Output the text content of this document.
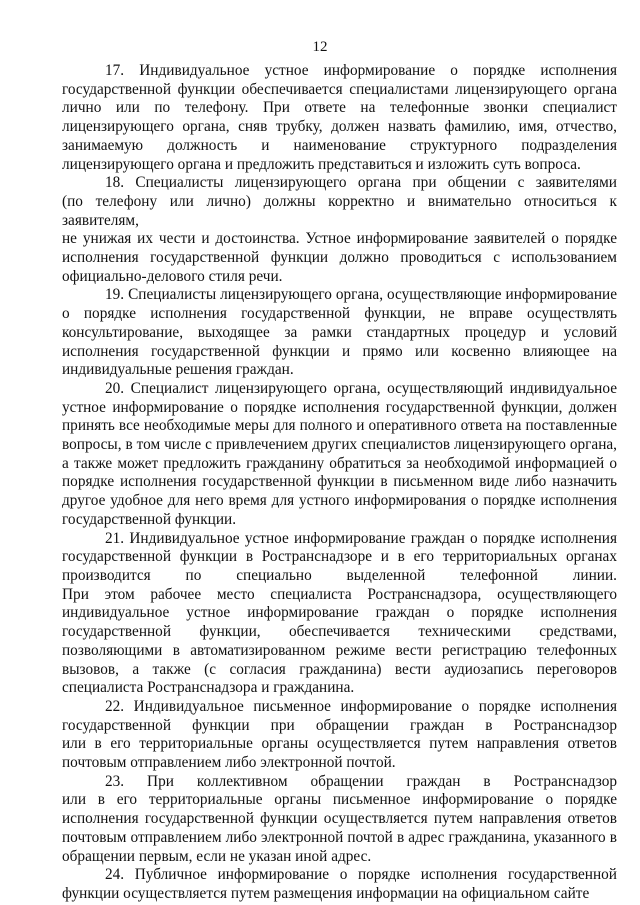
12
17. Индивидуальное устное информирование о порядке исполнения
государственной функции обеспечивается специалистами лицензирующего органа
лично или по телефону. При ответе на телефонные звонки специалист
лицензирующего органа, сняв трубку, должен назвать фамилию, имя, отчество,
занимаемую должность и наименование структурного подразделения
лицензирующего органа и предложить представиться и изложить суть вопроса.
18. Специалисты лицензирующего органа при общении с заявителями
(по телефону или лично) должны корректно и внимательно относиться к заявителям,
не унижая их чести и достоинства. Устное информирование заявителей о порядке
исполнения государственной функции должно проводиться с использованием
официально-делового стиля речи.
19. Специалисты лицензирующего органа, осуществляющие информирование
о порядке исполнения государственной функции, не вправе осуществлять
консультирование, выходящее за рамки стандартных процедур и условий
исполнения государственной функции и прямо или косвенно влияющее на
индивидуальные решения граждан.
20. Специалист лицензирующего органа, осуществляющий индивидуальное
устное информирование о порядке исполнения государственной функции, должен
принять все необходимые меры для полного и оперативного ответа на поставленные
вопросы, в том числе с привлечением других специалистов лицензирующего органа,
а также может предложить гражданину обратиться за необходимой информацией о
порядке исполнения государственной функции в письменном виде либо назначить
другое удобное для него время для устного информирования о порядке исполнения
государственной функции.
21. Индивидуальное устное информирование граждан о порядке исполнения
государственной функции в Ространснадзоре и в его территориальных органах
производится по специально выделенной телефонной линии.
При этом рабочее место специалиста Ространснадзора, осуществляющего
индивидуальное устное информирование граждан о порядке исполнения
государственной функции, обеспечивается техническими средствами,
позволяющими в автоматизированном режиме вести регистрацию телефонных
вызовов, а также (с согласия гражданина) вести аудиозапись переговоров
специалиста Ространснадзора и гражданина.
22. Индивидуальное письменное информирование о порядке исполнения
государственной функции при обращении граждан в Ространснадзор
или в его территориальные органы осуществляется путем направления ответов
почтовым отправлением либо электронной почтой.
23. При коллективном обращении граждан в Ространснадзор
или в его территориальные органы письменное информирование о порядке
исполнения государственной функции осуществляется путем направления ответов
почтовым отправлением либо электронной почтой в адрес гражданина, указанного в
обращении первым, если не указан иной адрес.
24. Публичное информирование о порядке исполнения государственной
функции осуществляется путем размещения информации на официальном сайте
